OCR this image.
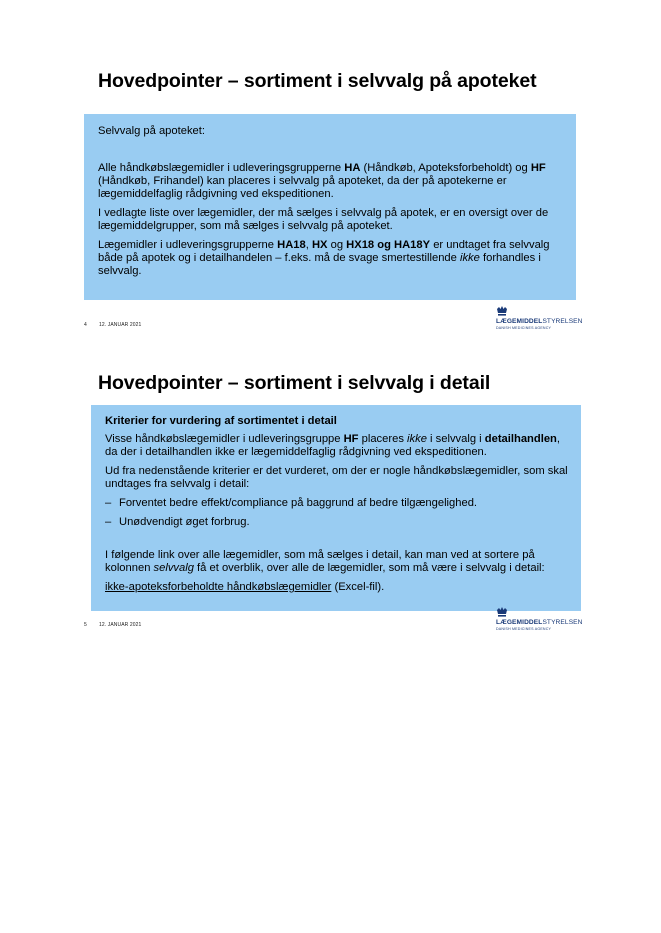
Hovedpointer – sortiment i selvvalg på apoteket

Selvvalg på apoteket:

Alle håndkøbslægemidler i udleveringsgrupperne HA (Håndkøb, Apoteksforbeholdt) og HF (Håndkøb, Frihandel) kan placeres i selvvalg på apoteket, da der på apotekerne er lægemiddelfaglig rådgivning ved ekspeditionen.

I vedlagte liste over lægemidler, der må sælges i selvvalg på apotek, er en oversigt over de lægemiddelgrupper, som må sælges i selvvalg på apoteket.

Lægemidler i udleveringsgrupperne HA18, HX og HX18 og HA18Y er undtaget fra selvvalg både på apotek og i detailhandelen – f.eks. må de svage smertestillende ikke forhandles i selvvalg.

4 12. JANUAR 2021	LÆGEMIDDELSTYRELSEN
DANISH MEDICINES AGENCY
Hovedpointer – sortiment i selvvalg i detail

Kriterier for vurdering af sortimentet i detail

Visse håndkøbslægemidler i udleveringsgruppe HF placeres ikke i selvvalg i detailhandlen, da der i detailhandlen ikke er lægemiddelfaglig rådgivning ved ekspeditionen.

Ud fra nedenstående kriterier er det vurderet, om der er nogle håndkøbslægemidler, som skal undtages fra selvvalg i detail:

– Forventet bedre effekt/compliance på baggrund af bedre tilgængelighed.
– Unødvendigt øget forbrug.

I følgende link over alle lægemidler, som må sælges i detail, kan man ved at sortere på kolonnen selvvalg få et overblik, over alle de lægemidler, som må være i selvvalg i detail:

ikke-apoteksforbeholdte håndkøbslægemidler (Excel-fil).

5 12. JANUAR 2021	LÆGEMIDDELSTYRELSEN
DANISH MEDICINES AGENCY
